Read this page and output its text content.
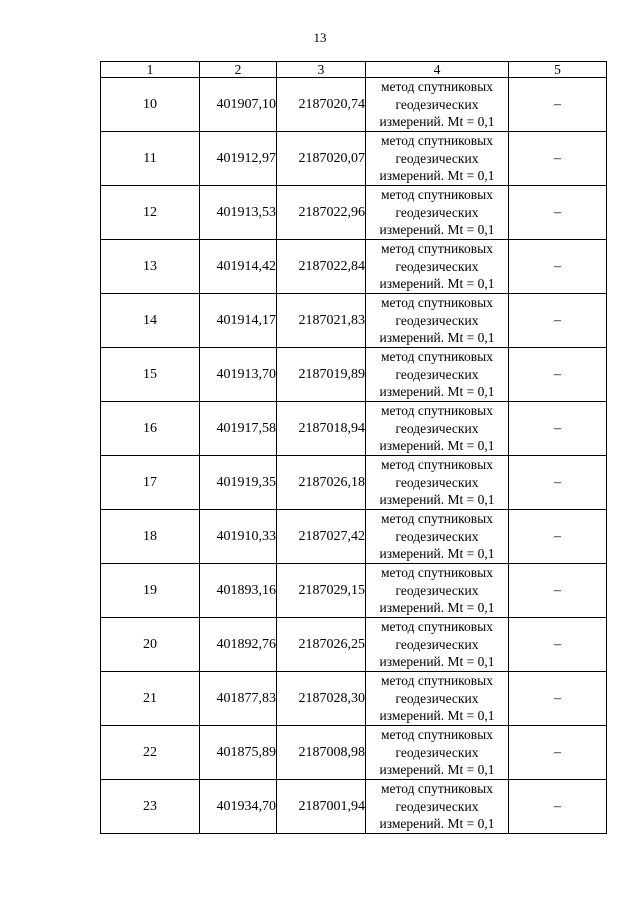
13
1	2	3	4	5
10	401907,10	2187020,74	метод спутниковых
геодезических
измерений. Mt = 0,1	–
11	401912,97	2187020,07	метод спутниковых
геодезических
измерений. Mt = 0,1	–
12	401913,53	2187022,96	метод спутниковых
геодезических
измерений. Mt = 0,1	–
13	401914,42	2187022,84	метод спутниковых
геодезических
измерений. Mt = 0,1	–
14	401914,17	2187021,83	метод спутниковых
геодезических
измерений. Mt = 0,1	–
15	401913,70	2187019,89	метод спутниковых
геодезических
измерений. Mt = 0,1	–
16	401917,58	2187018,94	метод спутниковых
геодезических
измерений. Mt = 0,1	–
17	401919,35	2187026,18	метод спутниковых
геодезических
измерений. Mt = 0,1	–
18	401910,33	2187027,42	метод спутниковых
геодезических
измерений. Mt = 0,1	–
19	401893,16	2187029,15	метод спутниковых
геодезических
измерений. Mt = 0,1	–
20	401892,76	2187026,25	метод спутниковых
геодезических
измерений. Mt = 0,1	–
21	401877,83	2187028,30	метод спутниковых
геодезических
измерений. Mt = 0,1	–
22	401875,89	2187008,98	метод спутниковых
геодезических
измерений. Mt = 0,1	–
23	401934,70	2187001,94	метод спутниковых
геодезических
измерений. Mt = 0,1	–
